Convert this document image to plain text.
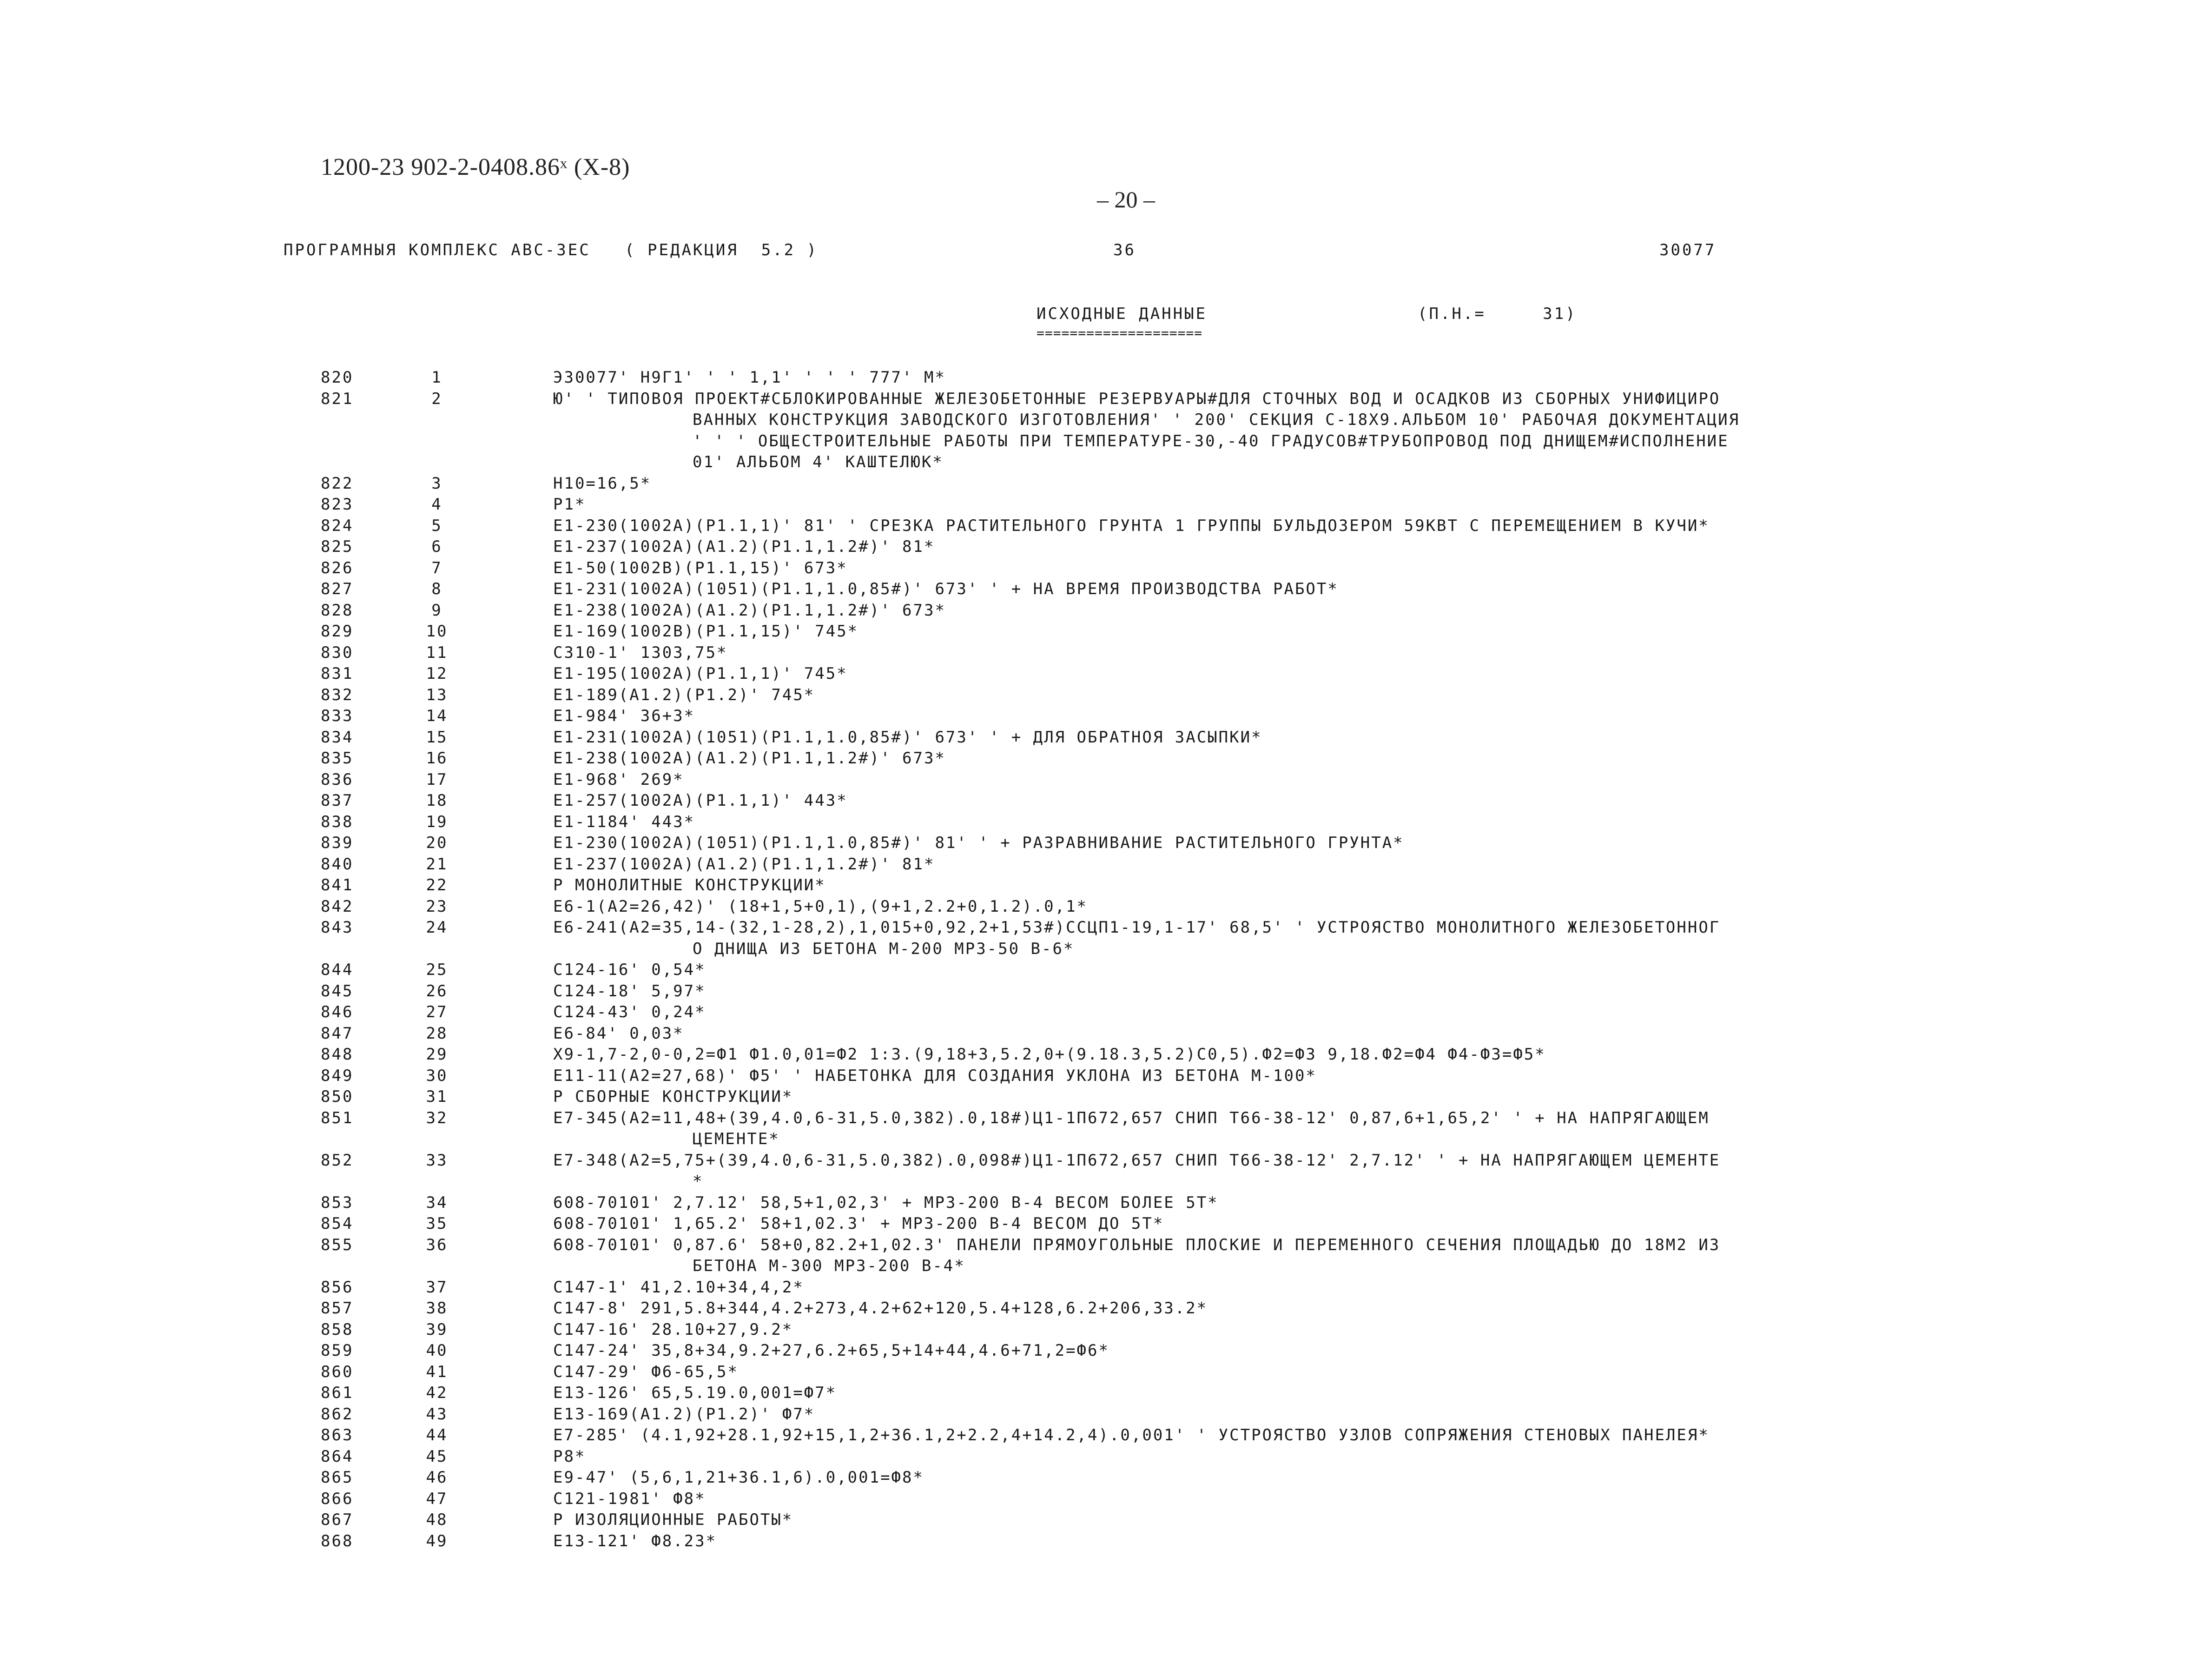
1200-23 902-2-0408.86ˣ (X-8)
– 20 –
ПРОГРАМНЫЯ КОМПЛЕКС АВС-ЗЕС   ( РЕДАКЦИЯ  5.2 )	36	30077
ИСХОДНЫЕ ДАННЫЕ
====================
(П.Н.=     31)
820	1	Э30077' Н9Г1' ' ' 1,1' ' ' ' 777' М*
821	2	Ю' ' ТИПОВОЯ ПРОЕКТ#СБЛОКИРОВАННЫЕ ЖЕЛЕЗОБЕТОННЫЕ РЕЗЕРВУАРЫ#ДЛЯ СТОЧНЫХ ВОД И ОСАДКОВ ИЗ СБОРНЫХ УНИФИЦИРО
ВАННЫХ КОНСТРУКЦИЯ ЗАВОДСКОГО ИЗГОТОВЛЕНИЯ' ' 200' СЕКЦИЯ С-18Х9.АЛЬБОМ 10' РАБОЧАЯ ДОКУМЕНТАЦИЯ
' ' ' ОБЩЕСТРОИТЕЛЬНЫЕ РАБОТЫ ПРИ ТЕМПЕРАТУРЕ-30,-40 ГРАДУСОВ#ТРУБОПРОВОД ПОД ДНИЩЕМ#ИСПОЛНЕНИЕ
01' АЛЬБОМ 4' КАШТЕЛЮК*
822	3	Н10=16,5*
823	4	Р1*
824	5	Е1-230(1002А)(Р1.1,1)' 81' ' СРЕЗКА РАСТИТЕЛЬНОГО ГРУНТА 1 ГРУППЫ БУЛЬДОЗЕРОМ 59КВТ С ПЕРЕМЕЩЕНИЕМ В КУЧИ*
825	6	Е1-237(1002А)(А1.2)(Р1.1,1.2#)' 81*
826	7	Е1-50(1002В)(Р1.1,15)' 673*
827	8	Е1-231(1002А)(1051)(Р1.1,1.0,85#)' 673' ' + НА ВРЕМЯ ПРОИЗВОДСТВА РАБОТ*
828	9	Е1-238(1002А)(А1.2)(Р1.1,1.2#)' 673*
829	10	Е1-169(1002В)(Р1.1,15)' 745*
830	11	С310-1' 1303,75*
831	12	Е1-195(1002А)(Р1.1,1)' 745*
832	13	Е1-189(А1.2)(Р1.2)' 745*
833	14	Е1-984' 36+3*
834	15	Е1-231(1002А)(1051)(Р1.1,1.0,85#)' 673' ' + ДЛЯ ОБРАТНОЯ ЗАСЫПКИ*
835	16	Е1-238(1002А)(А1.2)(Р1.1,1.2#)' 673*
836	17	Е1-968' 269*
837	18	Е1-257(1002А)(Р1.1,1)' 443*
838	19	Е1-1184' 443*
839	20	Е1-230(1002А)(1051)(Р1.1,1.0,85#)' 81' ' + РАЗРАВНИВАНИЕ РАСТИТЕЛЬНОГО ГРУНТА*
840	21	Е1-237(1002А)(А1.2)(Р1.1,1.2#)' 81*
841	22	Р МОНОЛИТНЫЕ КОНСТРУКЦИИ*
842	23	Е6-1(А2=26,42)' (18+1,5+0,1),(9+1,2.2+0,1.2).0,1*
843	24	Е6-241(А2=35,14-(32,1-28,2),1,015+0,92,2+1,53#)ССЦП1-19,1-17' 68,5' ' УСТРОЯСТВО МОНОЛИТНОГО ЖЕЛЕЗОБЕТОННОГ
О ДНИЩА ИЗ БЕТОНА М-200 МРЗ-50 В-6*
844	25	С124-16' 0,54*
845	26	С124-18' 5,97*
846	27	С124-43' 0,24*
847	28	Е6-84' 0,03*
848	29	Х9-1,7-2,0-0,2=Ф1 Ф1.0,01=Ф2 1:3.(9,18+3,5.2,0+(9.18.3,5.2)С0,5).Ф2=Ф3 9,18.Ф2=Ф4 Ф4-Ф3=Ф5*
849	30	Е11-11(А2=27,68)' Ф5' ' НАБЕТОНКА ДЛЯ СОЗДАНИЯ УКЛОНА ИЗ БЕТОНА М-100*
850	31	Р СБОРНЫЕ КОНСТРУКЦИИ*
851	32	Е7-345(А2=11,48+(39,4.0,6-31,5.0,382).0,18#)Ц1-1П672,657 СНИП Т66-38-12' 0,87,6+1,65,2' ' + НА НАПРЯГАЮЩЕМ
ЦЕМЕНТЕ*
852	33	Е7-348(А2=5,75+(39,4.0,6-31,5.0,382).0,098#)Ц1-1П672,657 СНИП Т66-38-12' 2,7.12' ' + НА НАПРЯГАЮЩЕМ ЦЕМЕНТЕ
*
853	34	608-70101' 2,7.12' 58,5+1,02,3' + МРЗ-200 В-4 ВЕСОМ БОЛЕЕ 5Т*
854	35	608-70101' 1,65.2' 58+1,02.3' + МРЗ-200 В-4 ВЕСОМ ДО 5Т*
855	36	608-70101' 0,87.6' 58+0,82.2+1,02.3' ПАНЕЛИ ПРЯМОУГОЛЬНЫЕ ПЛОСКИЕ И ПЕРЕМЕННОГО СЕЧЕНИЯ ПЛОЩАДЬЮ ДО 18М2 ИЗ
БЕТОНА М-300 МРЗ-200 В-4*
856	37	С147-1' 41,2.10+34,4,2*
857	38	С147-8' 291,5.8+344,4.2+273,4.2+62+120,5.4+128,6.2+206,33.2*
858	39	С147-16' 28.10+27,9.2*
859	40	С147-24' 35,8+34,9.2+27,6.2+65,5+14+44,4.6+71,2=Ф6*
860	41	С147-29' Ф6-65,5*
861	42	Е13-126' 65,5.19.0,001=Ф7*
862	43	Е13-169(А1.2)(Р1.2)' Ф7*
863	44	Е7-285' (4.1,92+28.1,92+15,1,2+36.1,2+2.2,4+14.2,4).0,001' ' УСТРОЯСТВО УЗЛОВ СОПРЯЖЕНИЯ СТЕНОВЫХ ПАНЕЛЕЯ*
864	45	Р8*
865	46	Е9-47' (5,6,1,21+36.1,6).0,001=Ф8*
866	47	С121-1981' Ф8*
867	48	Р ИЗОЛЯЦИОННЫЕ РАБОТЫ*
868	49	Е13-121' Ф8.23*
